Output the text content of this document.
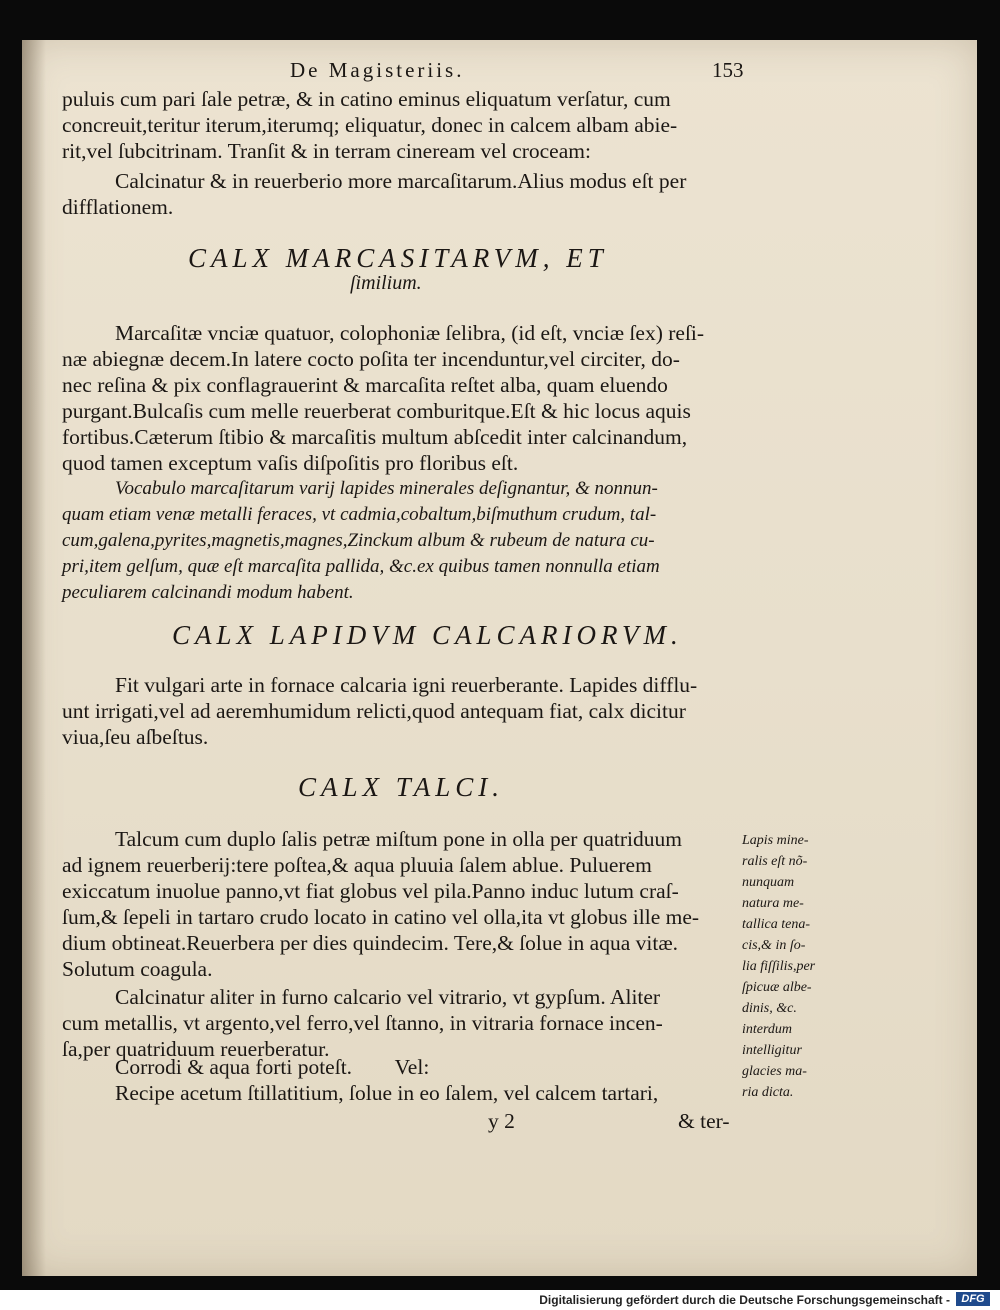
De Magisteriis.	153
puluis cum pari ſale petræ, & in catino eminus eliquatum verſatur, cum
concreuit,teritur iterum,iterumq; eliquatur, donec in calcem albam abie-
rit,vel ſubcitrinam. Tranſit & in terram cineream vel croceam:
Calcinatur & in reuerberio more marcaſitarum.Alius modus eſt per
difflationem.
CALX MARCASITARVM, ET
ſimilium.
Marcaſitæ vnciæ quatuor, colophoniæ ſelibra, (id eſt, vnciæ ſex) reſi-
næ abiegnæ decem.In latere cocto poſita ter incenduntur,vel circiter, do-
nec reſina & pix conflagrauerint & marcaſita reſtet alba, quam eluendo
purgant.Bulcaſis cum melle reuerberat comburitque.Eſt & hic locus aquis
fortibus.Cæterum ſtibio & marcaſitis multum abſcedit inter calcinandum,
quod tamen exceptum vaſis diſpoſitis pro floribus eſt.
Vocabulo marcaſitarum varij lapides minerales deſignantur, & nonnun-
quam etiam venæ metalli feraces, vt cadmia,cobaltum,biſmuthum crudum, tal-
cum,galena,pyrites,magnetis,magnes,Zinckum album & rubeum de natura cu-
pri,item gelſum, quæ eſt marcaſita pallida, &c.ex quibus tamen nonnulla etiam
peculiarem calcinandi modum habent.
CALX LAPIDVM CALCARIORVM.
Fit vulgari arte in fornace calcaria igni reuerberante. Lapides difflu-
unt irrigati,vel ad aeremhumidum relicti,quod antequam fiat, calx dicitur
viua,ſeu aſbeſtus.
CALX TALCI.
Talcum cum duplo ſalis petræ miſtum pone in olla per quatriduum
ad ignem reuerberij:tere poſtea,& aqua pluuia ſalem ablue. Puluerem
exiccatum inuolue panno,vt fiat globus vel pila.Panno induc lutum craſ-
ſum,& ſepeli in tartaro crudo locato in catino vel olla,ita vt globus ille me-
dium obtineat.Reuerbera per dies quindecim. Tere,& ſolue in aqua vitæ.
Solutum coagula.
Calcinatur aliter in furno calcario vel vitrario, vt gypſum. Aliter
cum metallis, vt argento,vel ferro,vel ſtanno, in vitraria fornace incen-
ſa,per quatriduum reuerberatur.
Corrodi & aqua forti poteſt.        Vel:
Recipe acetum ſtillatitium, ſolue in eo ſalem, vel calcem tartari,
Lapis mine-
ralis eſt nõ-
nunquam
natura me-
tallica tena-
cis,& in ſo-
lia fiſſilis,per
ſpicuæ albe-
dinis, &c.
interdum
intelligitur
glacies ma-
ria dicta.
y 2	& ter-
Digitalisierung gefördert durch die Deutsche Forschungsgemeinschaft -	DFG
